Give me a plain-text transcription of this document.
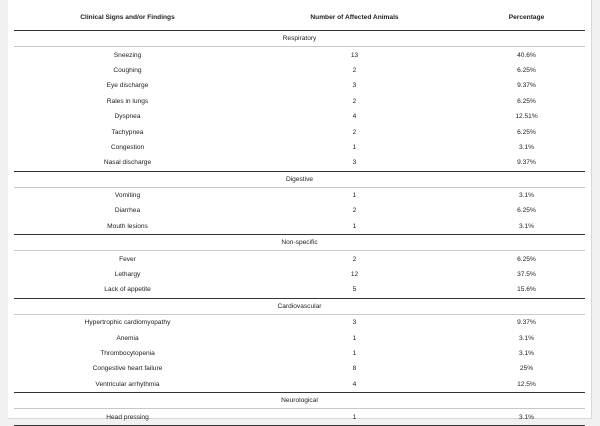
Clinical Signs and/or Findings	Number of Affected Animals	Percentage
Respiratory		
Sneezing	13	40.6%
Coughing	2	6.25%
Eye discharge	3	9.37%
Rales in lungs	2	6.25%
Dyspnea	4	12.51%
Tachypnea	2	6.25%
Congestion	1	3.1%
Nasal discharge	3	9.37%
Digestive		
Vomiting	1	3.1%
Diarrhea	2	6.25%
Mouth lesions	1	3.1%
Non-specific		
Fever	2	6.25%
Lethargy	12	37.5%
Lack of appetite	5	15.6%
Cardiovascular		
Hypertrophic cardiomyopathy	3	9.37%
Anemia	1	3.1%
Thrombocytopenia	1	3.1%
Congestive heart failure	8	25%
Ventricular arrhythmia	4	12.5%
Neurological		
Head pressing	1	3.1%
